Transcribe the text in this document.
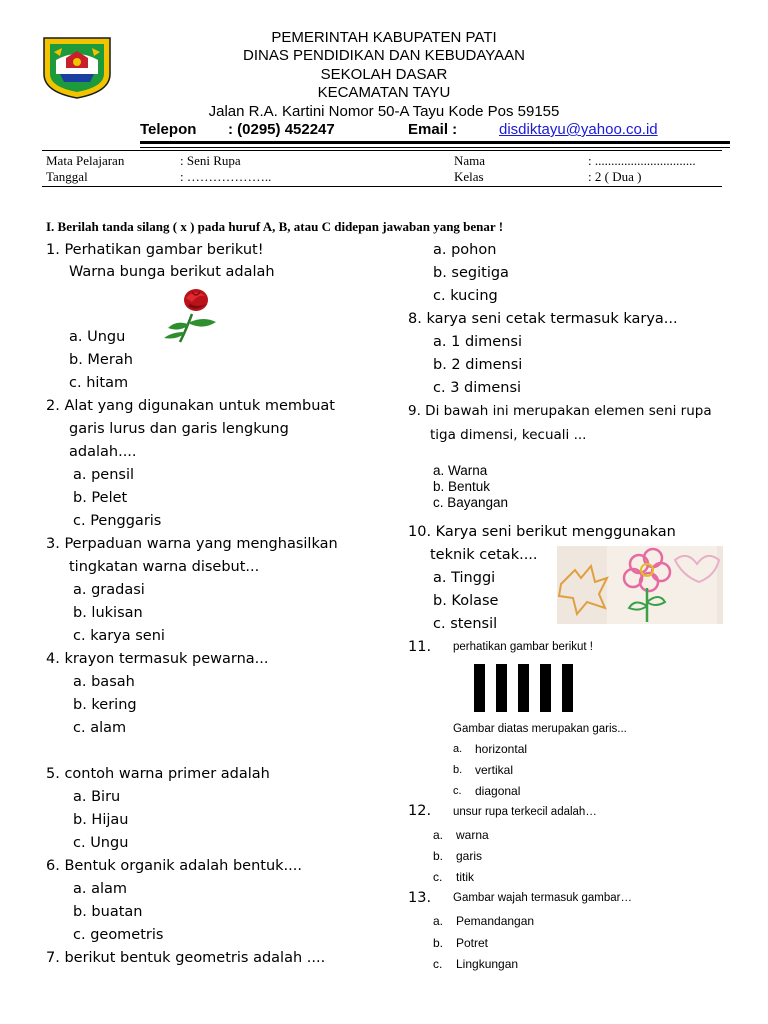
PEMERINTAH KABUPATEN PATI
DINAS PENDIDIKAN DAN KEBUDAYAAN
SEKOLAH DASAR
KECAMATAN TAYU
Jalan R.A. Kartini Nomor 50-A Tayu Kode Pos 59155
Telepon : (0295) 452247	Email :	disdiktayu@yahoo.co.id
Mata Pelajaran	: Seni Rupa
Tanggal	: ………………..
Nama	: ...............................
Kelas	: 2 ( Dua )
I. Berilah tanda silang ( x ) pada huruf A, B, atau C didepan jawaban yang benar !
1. Perhatikan gambar berikut!
Warna bunga berikut adalah
a. Ungu
b. Merah
c. hitam
2. Alat yang digunakan untuk membuat
garis lurus dan garis lengkung
adalah....
a. pensil
b. Pelet
c. Penggaris
3. Perpaduan warna yang menghasilkan
tingkatan warna disebut...
a. gradasi
b. lukisan
c. karya seni
4. krayon termasuk pewarna...
a. basah
b. kering
c. alam
5. contoh warna primer adalah
a. Biru
b. Hijau
c. Ungu
6. Bentuk organik adalah bentuk....
a. alam
b. buatan
c. geometris
7. berikut bentuk geometris adalah ....
a. pohon
b. segitiga
c. kucing
8. karya seni cetak termasuk karya...
a. 1 dimensi
b. 2 dimensi
c. 3 dimensi
9. Di bawah ini merupakan elemen seni rupa
tiga dimensi, kecuali ...
a. Warna
b. Bentuk
c. Bayangan
10. Karya seni berikut menggunakan
teknik cetak....
a. Tinggi
b. Kolase
c. stensil
11. perhatikan gambar berikut !
Gambar diatas merupakan garis...
a. horizontal
b. vertikal
c. diagonal
12. unsur rupa terkecil adalah…
a. warna
b. garis
c. titik
13. Gambar wajah termasuk gambar…
a. Pemandangan
b. Potret
c. Lingkungan
